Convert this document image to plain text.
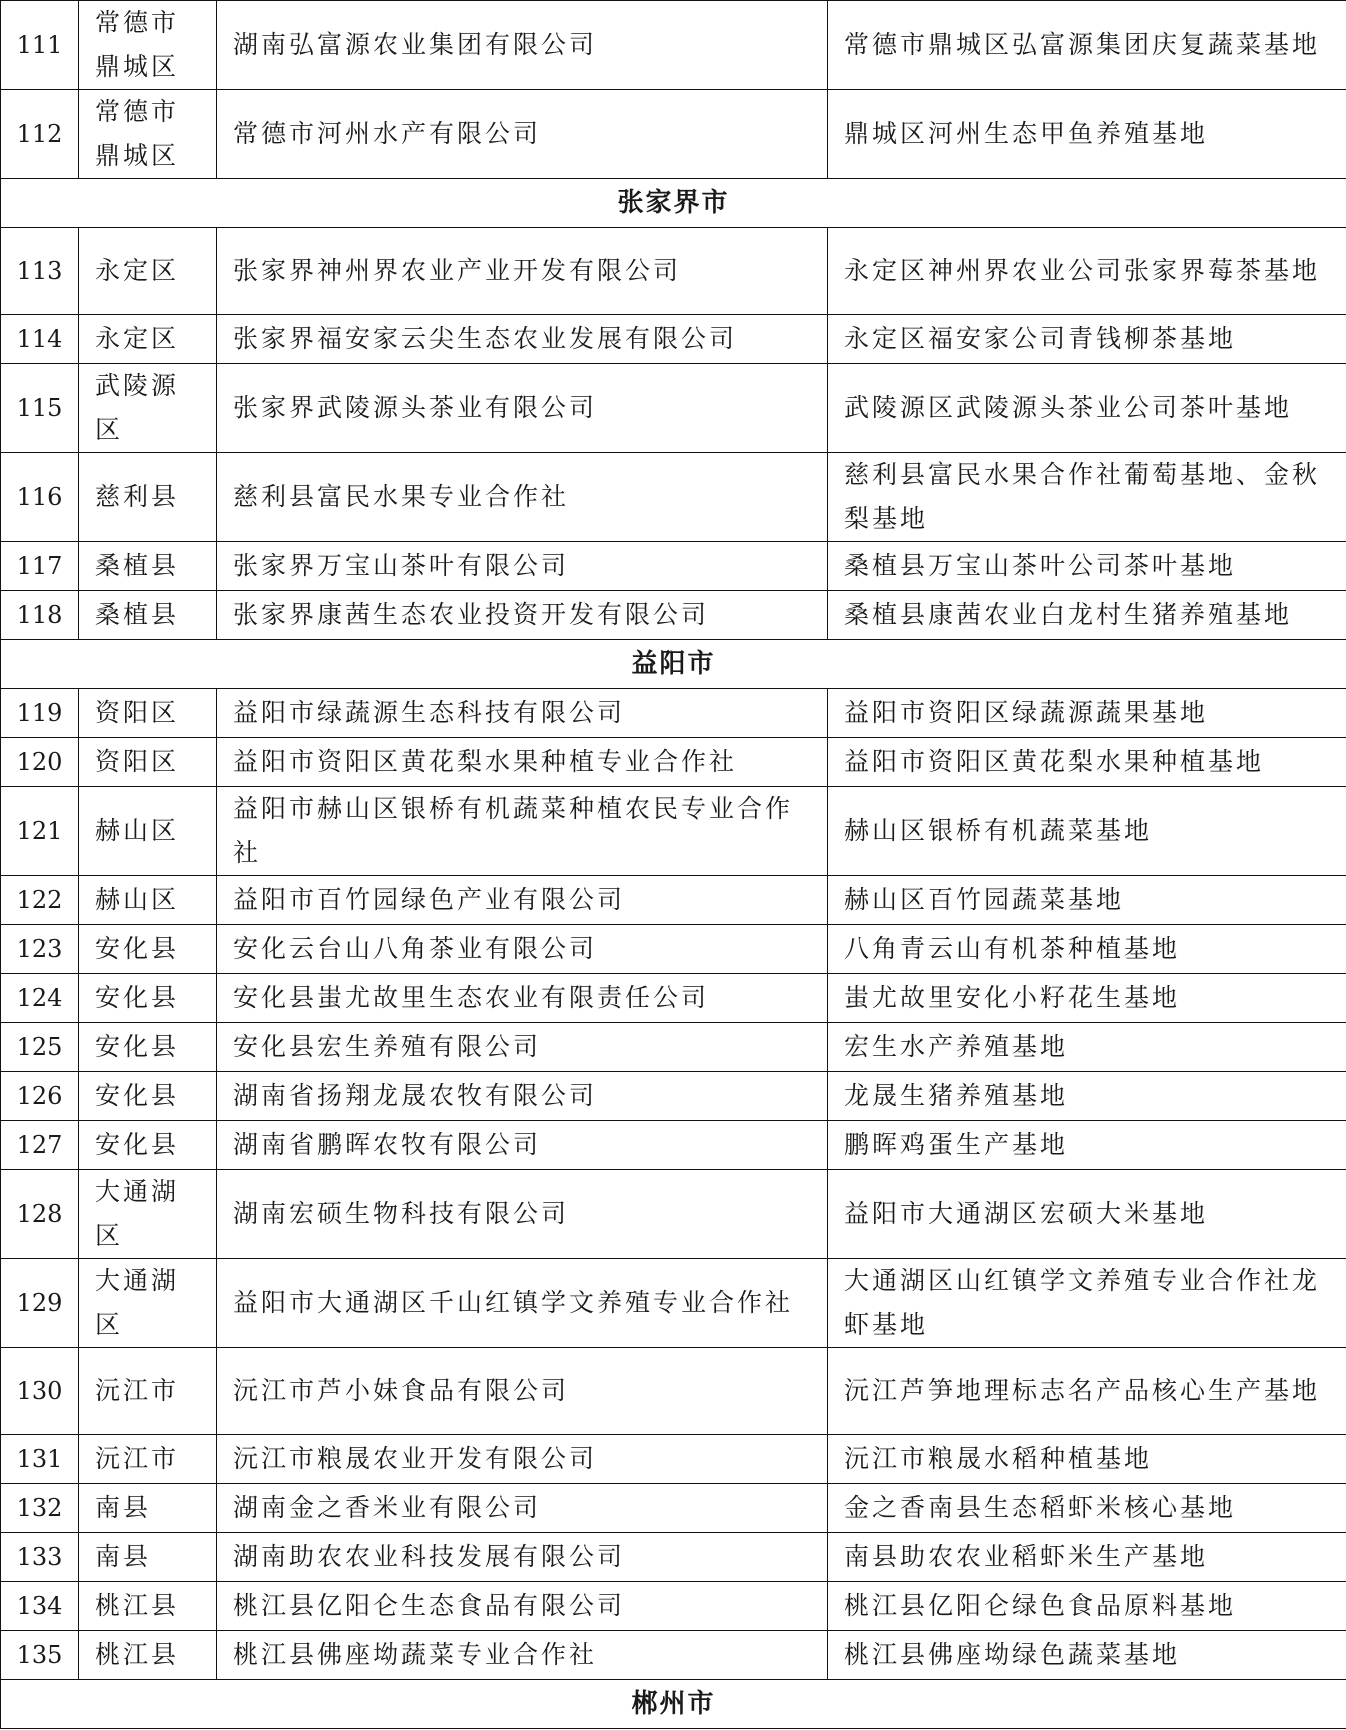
111	常德市鼎城区	湖南弘富源农业集团有限公司	常德市鼎城区弘富源集团庆复蔬菜基地
112	常德市鼎城区	常德市河州水产有限公司	鼎城区河州生态甲鱼养殖基地
张家界市			
113	永定区	张家界神州界农业产业开发有限公司	永定区神州界农业公司张家界莓茶基地
114	永定区	张家界福安家云尖生态农业发展有限公司	永定区福安家公司青钱柳茶基地
115	武陵源区	张家界武陵源头茶业有限公司	武陵源区武陵源头茶业公司茶叶基地
116	慈利县	慈利县富民水果专业合作社	慈利县富民水果合作社葡萄基地、金秋梨基地
117	桑植县	张家界万宝山茶叶有限公司	桑植县万宝山茶叶公司茶叶基地
118	桑植县	张家界康茜生态农业投资开发有限公司	桑植县康茜农业白龙村生猪养殖基地
益阳市			
119	资阳区	益阳市绿蔬源生态科技有限公司	益阳市资阳区绿蔬源蔬果基地
120	资阳区	益阳市资阳区黄花梨水果种植专业合作社	益阳市资阳区黄花梨水果种植基地
121	赫山区	益阳市赫山区银桥有机蔬菜种植农民专业合作社	赫山区银桥有机蔬菜基地
122	赫山区	益阳市百竹园绿色产业有限公司	赫山区百竹园蔬菜基地
123	安化县	安化云台山八角茶业有限公司	八角青云山有机茶种植基地
124	安化县	安化县蚩尤故里生态农业有限责任公司	蚩尤故里安化小籽花生基地
125	安化县	安化县宏生养殖有限公司	宏生水产养殖基地
126	安化县	湖南省扬翔龙晟农牧有限公司	龙晟生猪养殖基地
127	安化县	湖南省鹏晖农牧有限公司	鹏晖鸡蛋生产基地
128	大通湖区	湖南宏硕生物科技有限公司	益阳市大通湖区宏硕大米基地
129	大通湖区	益阳市大通湖区千山红镇学文养殖专业合作社	大通湖区山红镇学文养殖专业合作社龙虾基地
130	沅江市	沅江市芦小妹食品有限公司	沅江芦笋地理标志名产品核心生产基地
131	沅江市	沅江市粮晟农业开发有限公司	沅江市粮晟水稻种植基地
132	南县	湖南金之香米业有限公司	金之香南县生态稻虾米核心基地
133	南县	湖南助农农业科技发展有限公司	南县助农农业稻虾米生产基地
134	桃江县	桃江县亿阳仑生态食品有限公司	桃江县亿阳仑绿色食品原料基地
135	桃江县	桃江县佛座坳蔬菜专业合作社	桃江县佛座坳绿色蔬菜基地
郴州市			
